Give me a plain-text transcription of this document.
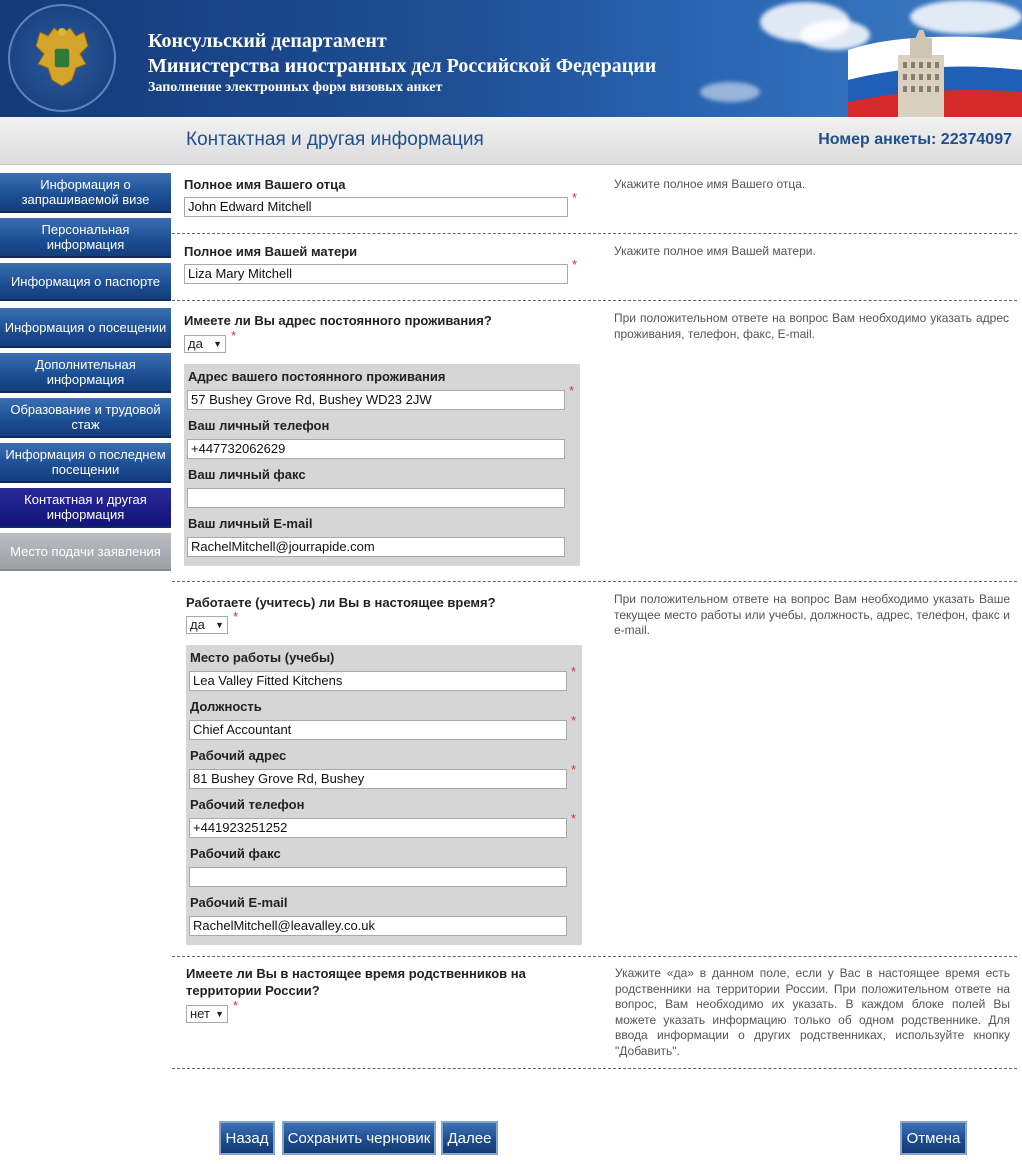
Консульский департамент
Министерства иностранных дел Российской Федерации
Заполнение электронных форм визовых анкет
Контактная и другая информация	Номер анкеты: 22374097
Информация о запрашиваемой визе
Персональная информация
Информация о паспорте
Информация о посещении
Дополнительная информация
Образование и трудовой стаж
Информация о последнем посещении
Контактная и другая информация
Место подачи заявления
Полное имя Вашего отца
John Edward Mitchell
*
Укажите полное имя Вашего отца.
Полное имя Вашей матери
Liza Mary Mitchell
*
Укажите полное имя Вашей матери.
Имеете ли Вы адрес постоянного проживания?
да ▼
*
При положительном ответе на вопрос Вам необходимо указать адрес проживания, телефон, факс, E-mail.
Адрес вашего постоянного проживания
57 Bushey Grove Rd, Bushey WD23 2JW
*
Ваш личный телефон
+447732062629
Ваш личный факс
Ваш личный E-mail
RachelMitchell@jourrapide.com
Работаете (учитесь) ли Вы в настоящее время?
да ▼
*
При положительном ответе на вопрос Вам необходимо указать Ваше текущее место работы или учебы, должность, адрес, телефон, факс и e-mail.
Место работы (учебы)
Lea Valley Fitted Kitchens
*
Должность
Chief Accountant
*
Рабочий адрес
81 Bushey Grove Rd, Bushey
*
Рабочий телефон
+441923251252
*
Рабочий факс
Рабочий E-mail
RachelMitchell@leavalley.co.uk
Имеете ли Вы в настоящее время родственников на
территории России?
нет ▼
*
Укажите «да» в данном поле, если у Вас в настоящее время есть родственники на территории России. При положительном ответе на вопрос, Вам необходимо их указать. В каждом блоке полей Вы можете указать информацию только об одном родственнике. Для ввода информации о других родственниках, используйте кнопку "Добавить".
Назад	Сохранить черновик	Далее	Отмена
